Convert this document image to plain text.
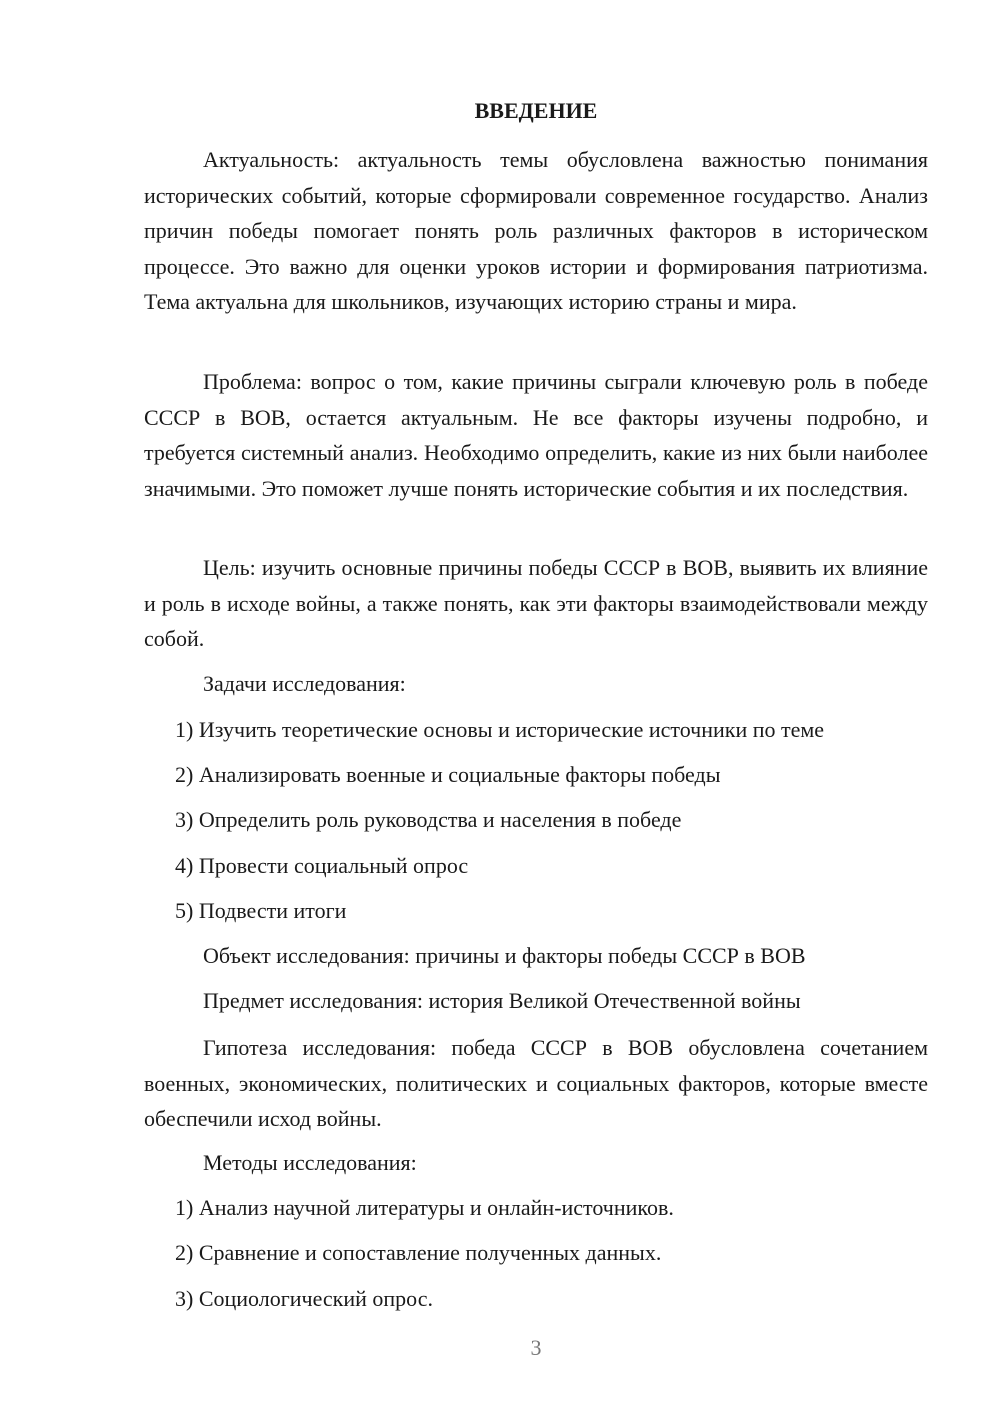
ВВЕДЕНИЕ

Актуальность: актуальность темы обусловлена важностью понимания исторических событий, которые сформировали современное государство. Анализ причин победы помогает понять роль различных факторов в историческом процессе. Это важно для оценки уроков истории и формирования патриотизма. Тема актуальна для школьников, изучающих историю страны и мира.

Проблема: вопрос о том, какие причины сыграли ключевую роль в победе СССР в ВОВ, остается актуальным. Не все факторы изучены подробно, и требуется системный анализ. Необходимо определить, какие из них были наиболее значимыми. Это поможет лучше понять исторические события и их последствия.

Цель: изучить основные причины победы СССР в ВОВ, выявить их влияние и роль в исходе войны, а также понять, как эти факторы взаимодействовали между собой.

Задачи исследования:

1) Изучить теоретические основы и исторические источники по теме

2) Анализировать военные и социальные факторы победы

3) Определить роль руководства и населения в победе

4) Провести социальный опрос

5) Подвести итоги

Объект исследования: причины и факторы победы СССР в ВОВ

Предмет исследования: история Великой Отечественной войны

Гипотеза исследования: победа СССР в ВОВ обусловлена сочетанием военных, экономических, политических и социальных факторов, которые вместе обеспечили исход войны.

Методы исследования:

1) Анализ научной литературы и онлайн-источников.

2) Сравнение и сопоставление полученных данных.

3) Социологический опрос.

3
